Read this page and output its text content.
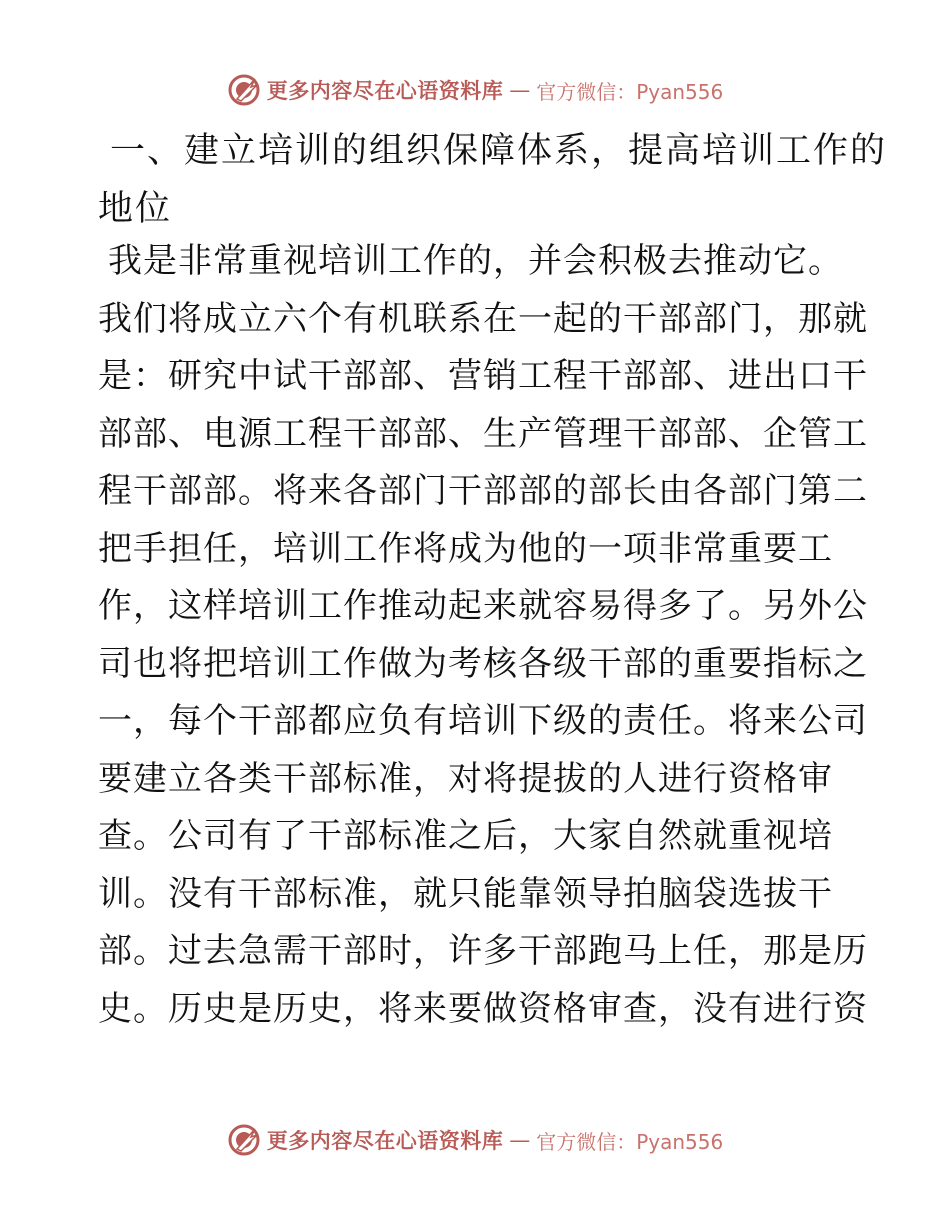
更多内容尽在心语资料库 — 官方微信：Pyan556
一、建立培训的组织保障体系，提高培训工作的
地位
我是非常重视培训工作的，并会积极去推动它。
我们将成立六个有机联系在一起的干部部门，那就
是：研究中试干部部、营销工程干部部、进出口干
部部、电源工程干部部、生产管理干部部、企管工
程干部部。将来各部门干部部的部长由各部门第二
把手担任，培训工作将成为他的一项非常重要工
作，这样培训工作推动起来就容易得多了。另外公
司也将把培训工作做为考核各级干部的重要指标之
一，每个干部都应负有培训下级的责任。将来公司
要建立各类干部标准，对将提拔的人进行资格审
查。公司有了干部标准之后，大家自然就重视培
训。没有干部标准，就只能靠领导拍脑袋选拔干
部。过去急需干部时，许多干部跑马上任，那是历
史。历史是历史，将来要做资格审查，没有进行资
更多内容尽在心语资料库 — 官方微信：Pyan556
